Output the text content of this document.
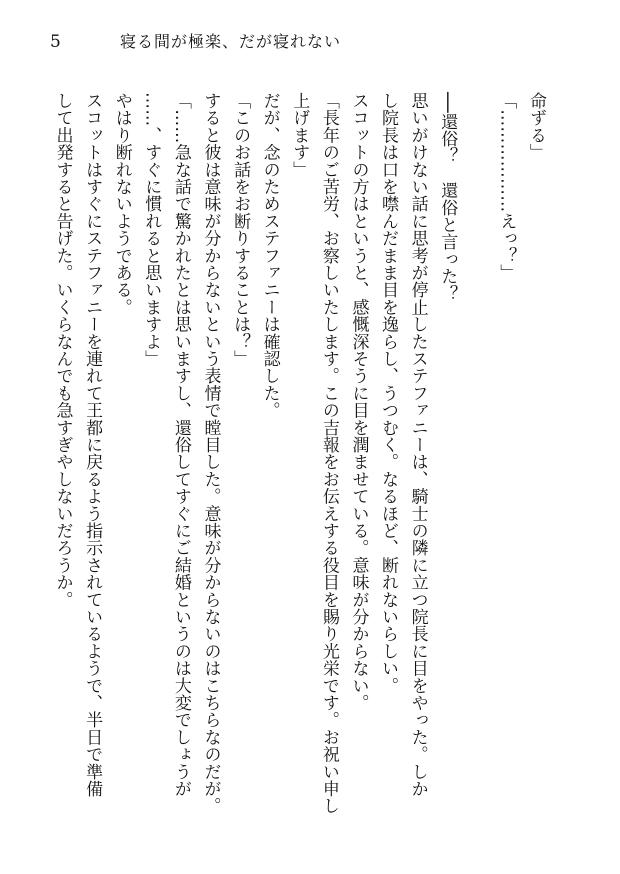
5	寝る間が極楽、だが寝れない
命ずる」
「………………えっ？」

──還俗？　還俗と言った？
思いがけない話に思考が停止したステファニーは、騎士の隣に立つ院長に目をやった。しか
し院長は口を噤んだまま目を逸らし、うつむく。なるほど、断れないらしい。
スコットの方はというと、感慨深そうに目を潤ませている。意味が分からない。
「長年のご苦労、お察しいたします。この吉報をお伝えする役目を賜り光栄です。お祝い申し
上げます」
だが、念のためステファニーは確認した。
「このお話をお断りすることは？」
すると彼は意味が分からないという表情で瞠目した。意味が分からないのはこちらなのだが。
「……急な話で驚かれたとは思いますし、還俗してすぐにご結婚というのは大変でしょうが
……、すぐに慣れると思いますよ」
やはり断れないようである。
スコットはすぐにステファニーを連れて王都に戻るよう指示されているようで、半日で準備
して出発すると告げた。いくらなんでも急すぎやしないだろうか。
